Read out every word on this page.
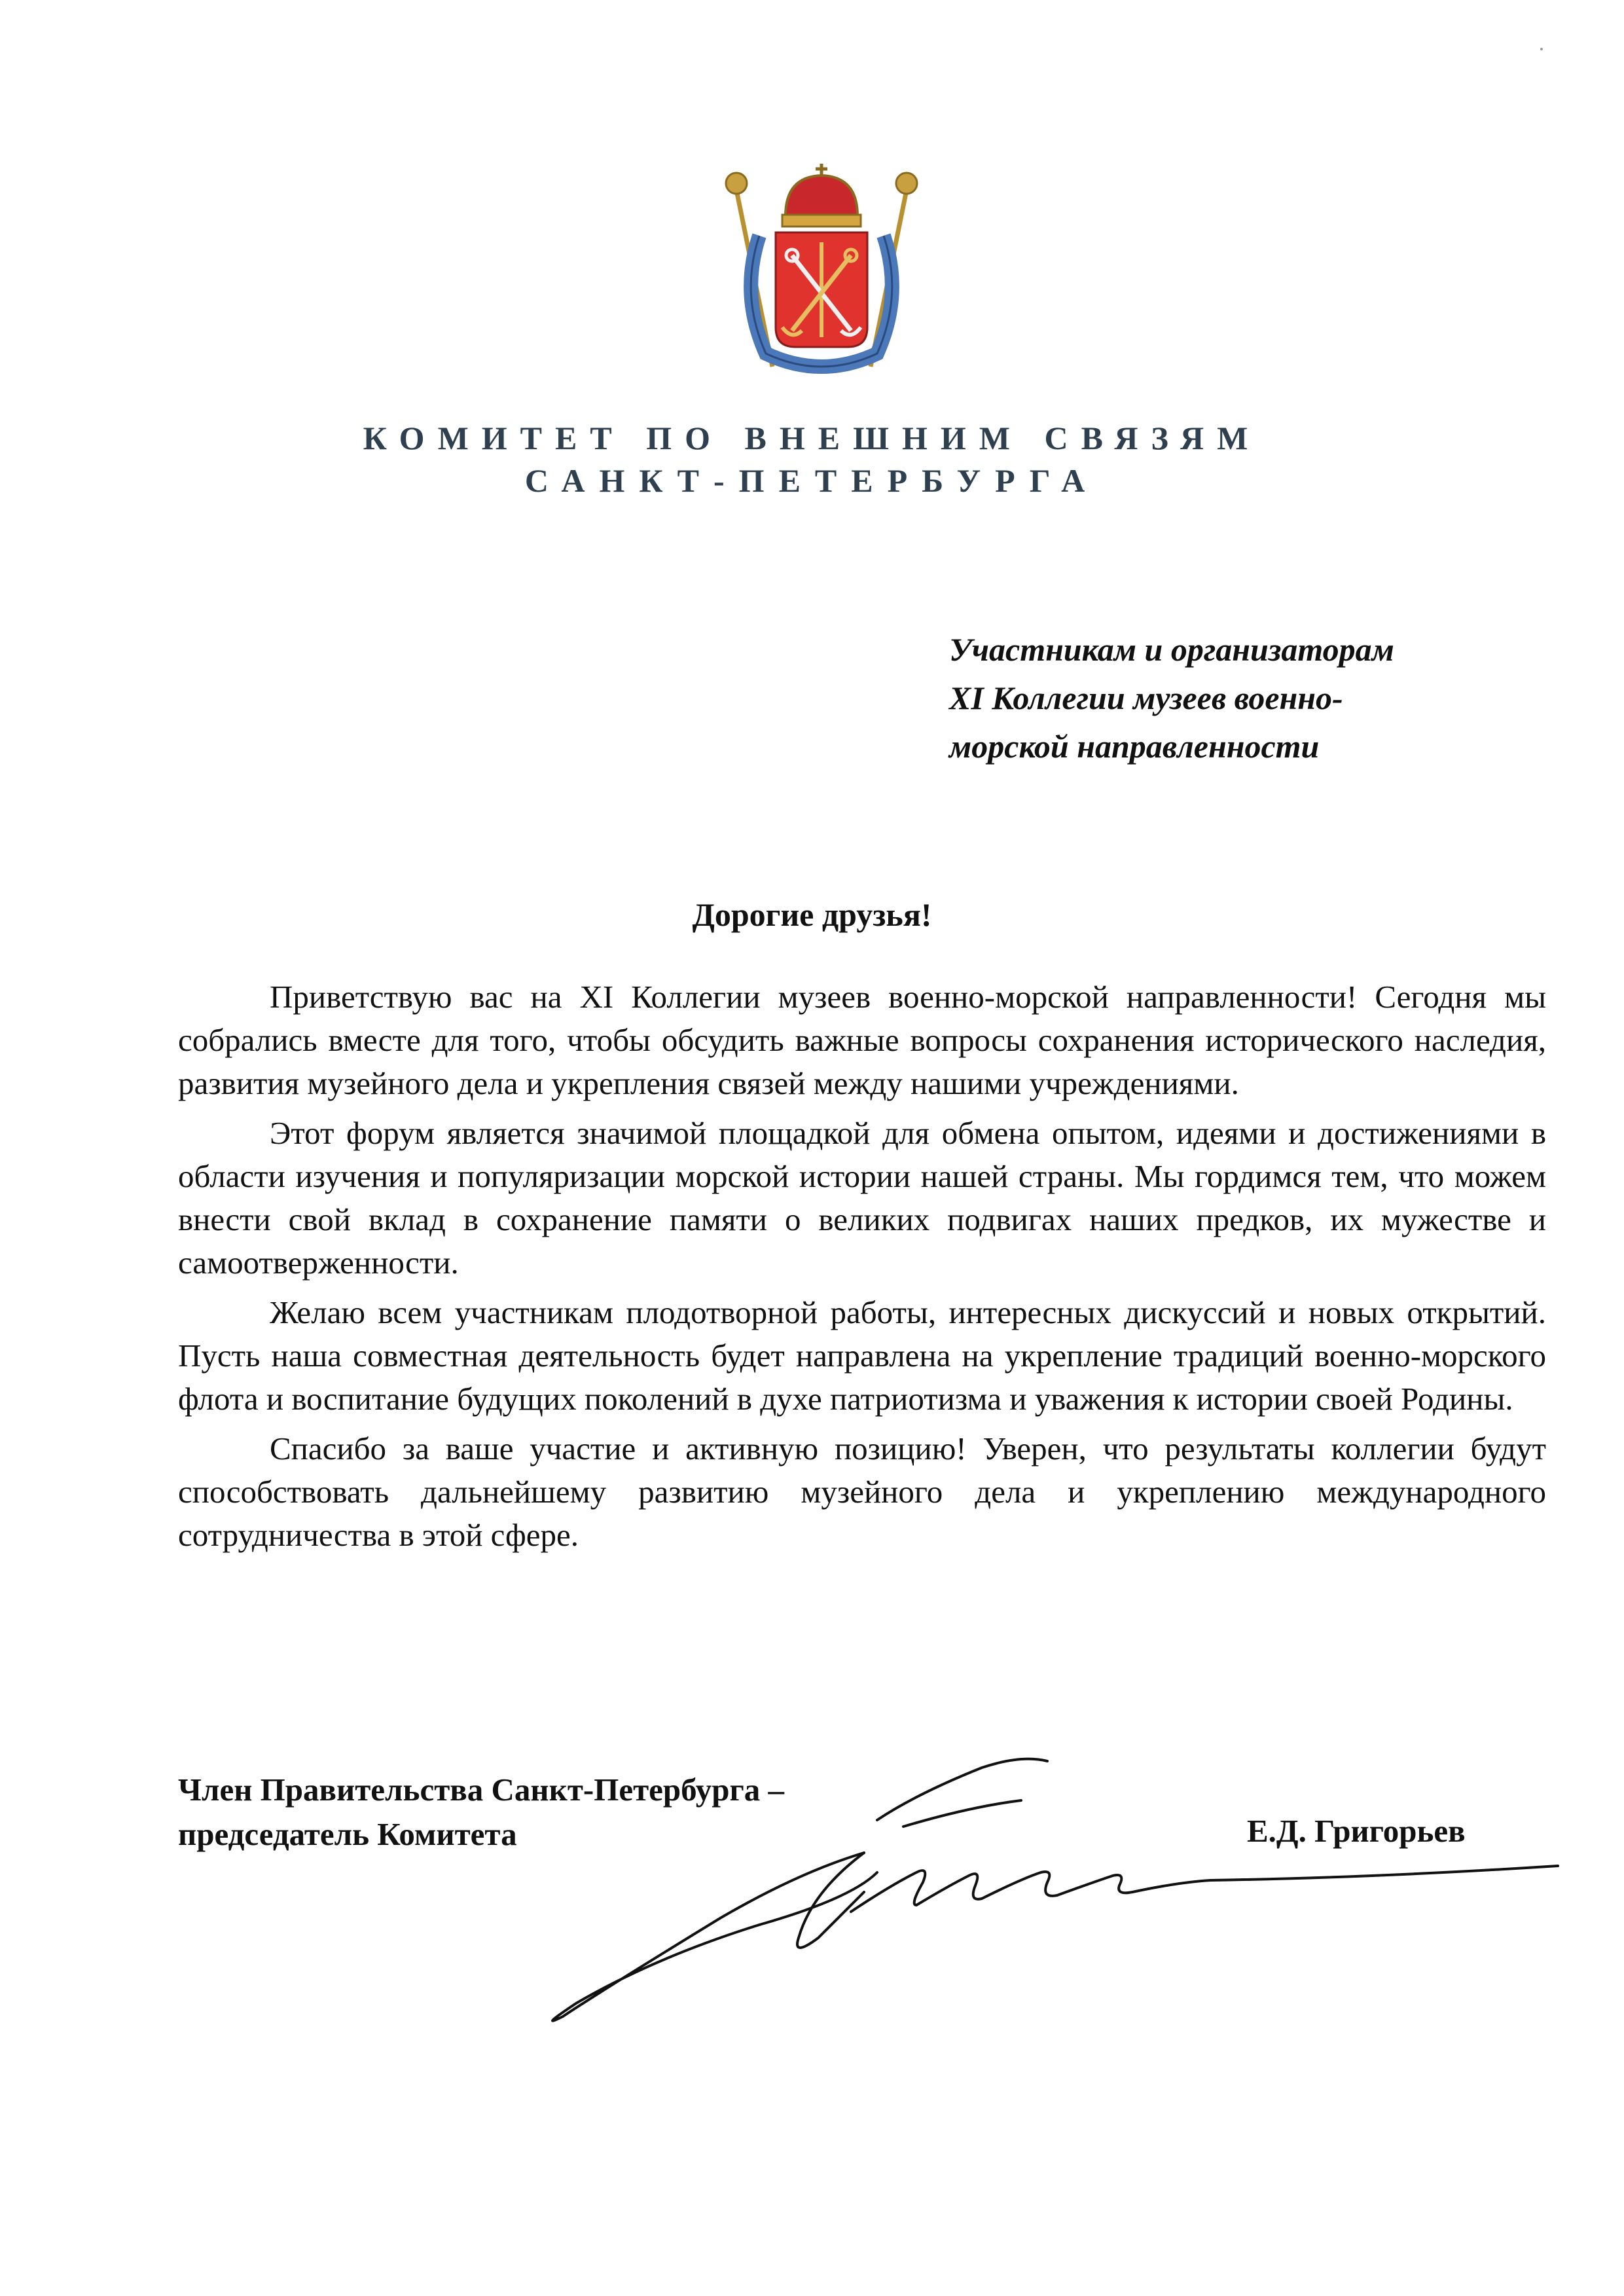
КОМИТЕТ ПО ВНЕШНИМ СВЯЗЯМ
САНКТ-ПЕТЕРБУРГА
Участникам и организаторам
XI Коллегии музеев военно-
морской направленности
Дорогие друзья!

Приветствую вас на XI Коллегии музеев военно-морской направленности! Сегодня мы собрались вместе для того, чтобы обсудить важные вопросы сохранения исторического наследия, развития музейного дела и укрепления связей между нашими учреждениями.

Этот форум является значимой площадкой для обмена опытом, идеями и достижениями в области изучения и популяризации морской истории нашей страны. Мы гордимся тем, что можем внести свой вклад в сохранение памяти о великих подвигах наших предков, их мужестве и самоотверженности.

Желаю всем участникам плодотворной работы, интересных дискуссий и новых открытий. Пусть наша совместная деятельность будет направлена на укрепление традиций военно-морского флота и воспитание будущих поколений в духе патриотизма и уважения к истории своей Родины.

Спасибо за ваше участие и активную позицию! Уверен, что результаты коллегии будут способствовать дальнейшему развитию музейного дела и укреплению международного сотрудничества в этой сфере.

Член Правительства Санкт-Петербурга –
председатель Комитета	Е.Д. Григорьев
